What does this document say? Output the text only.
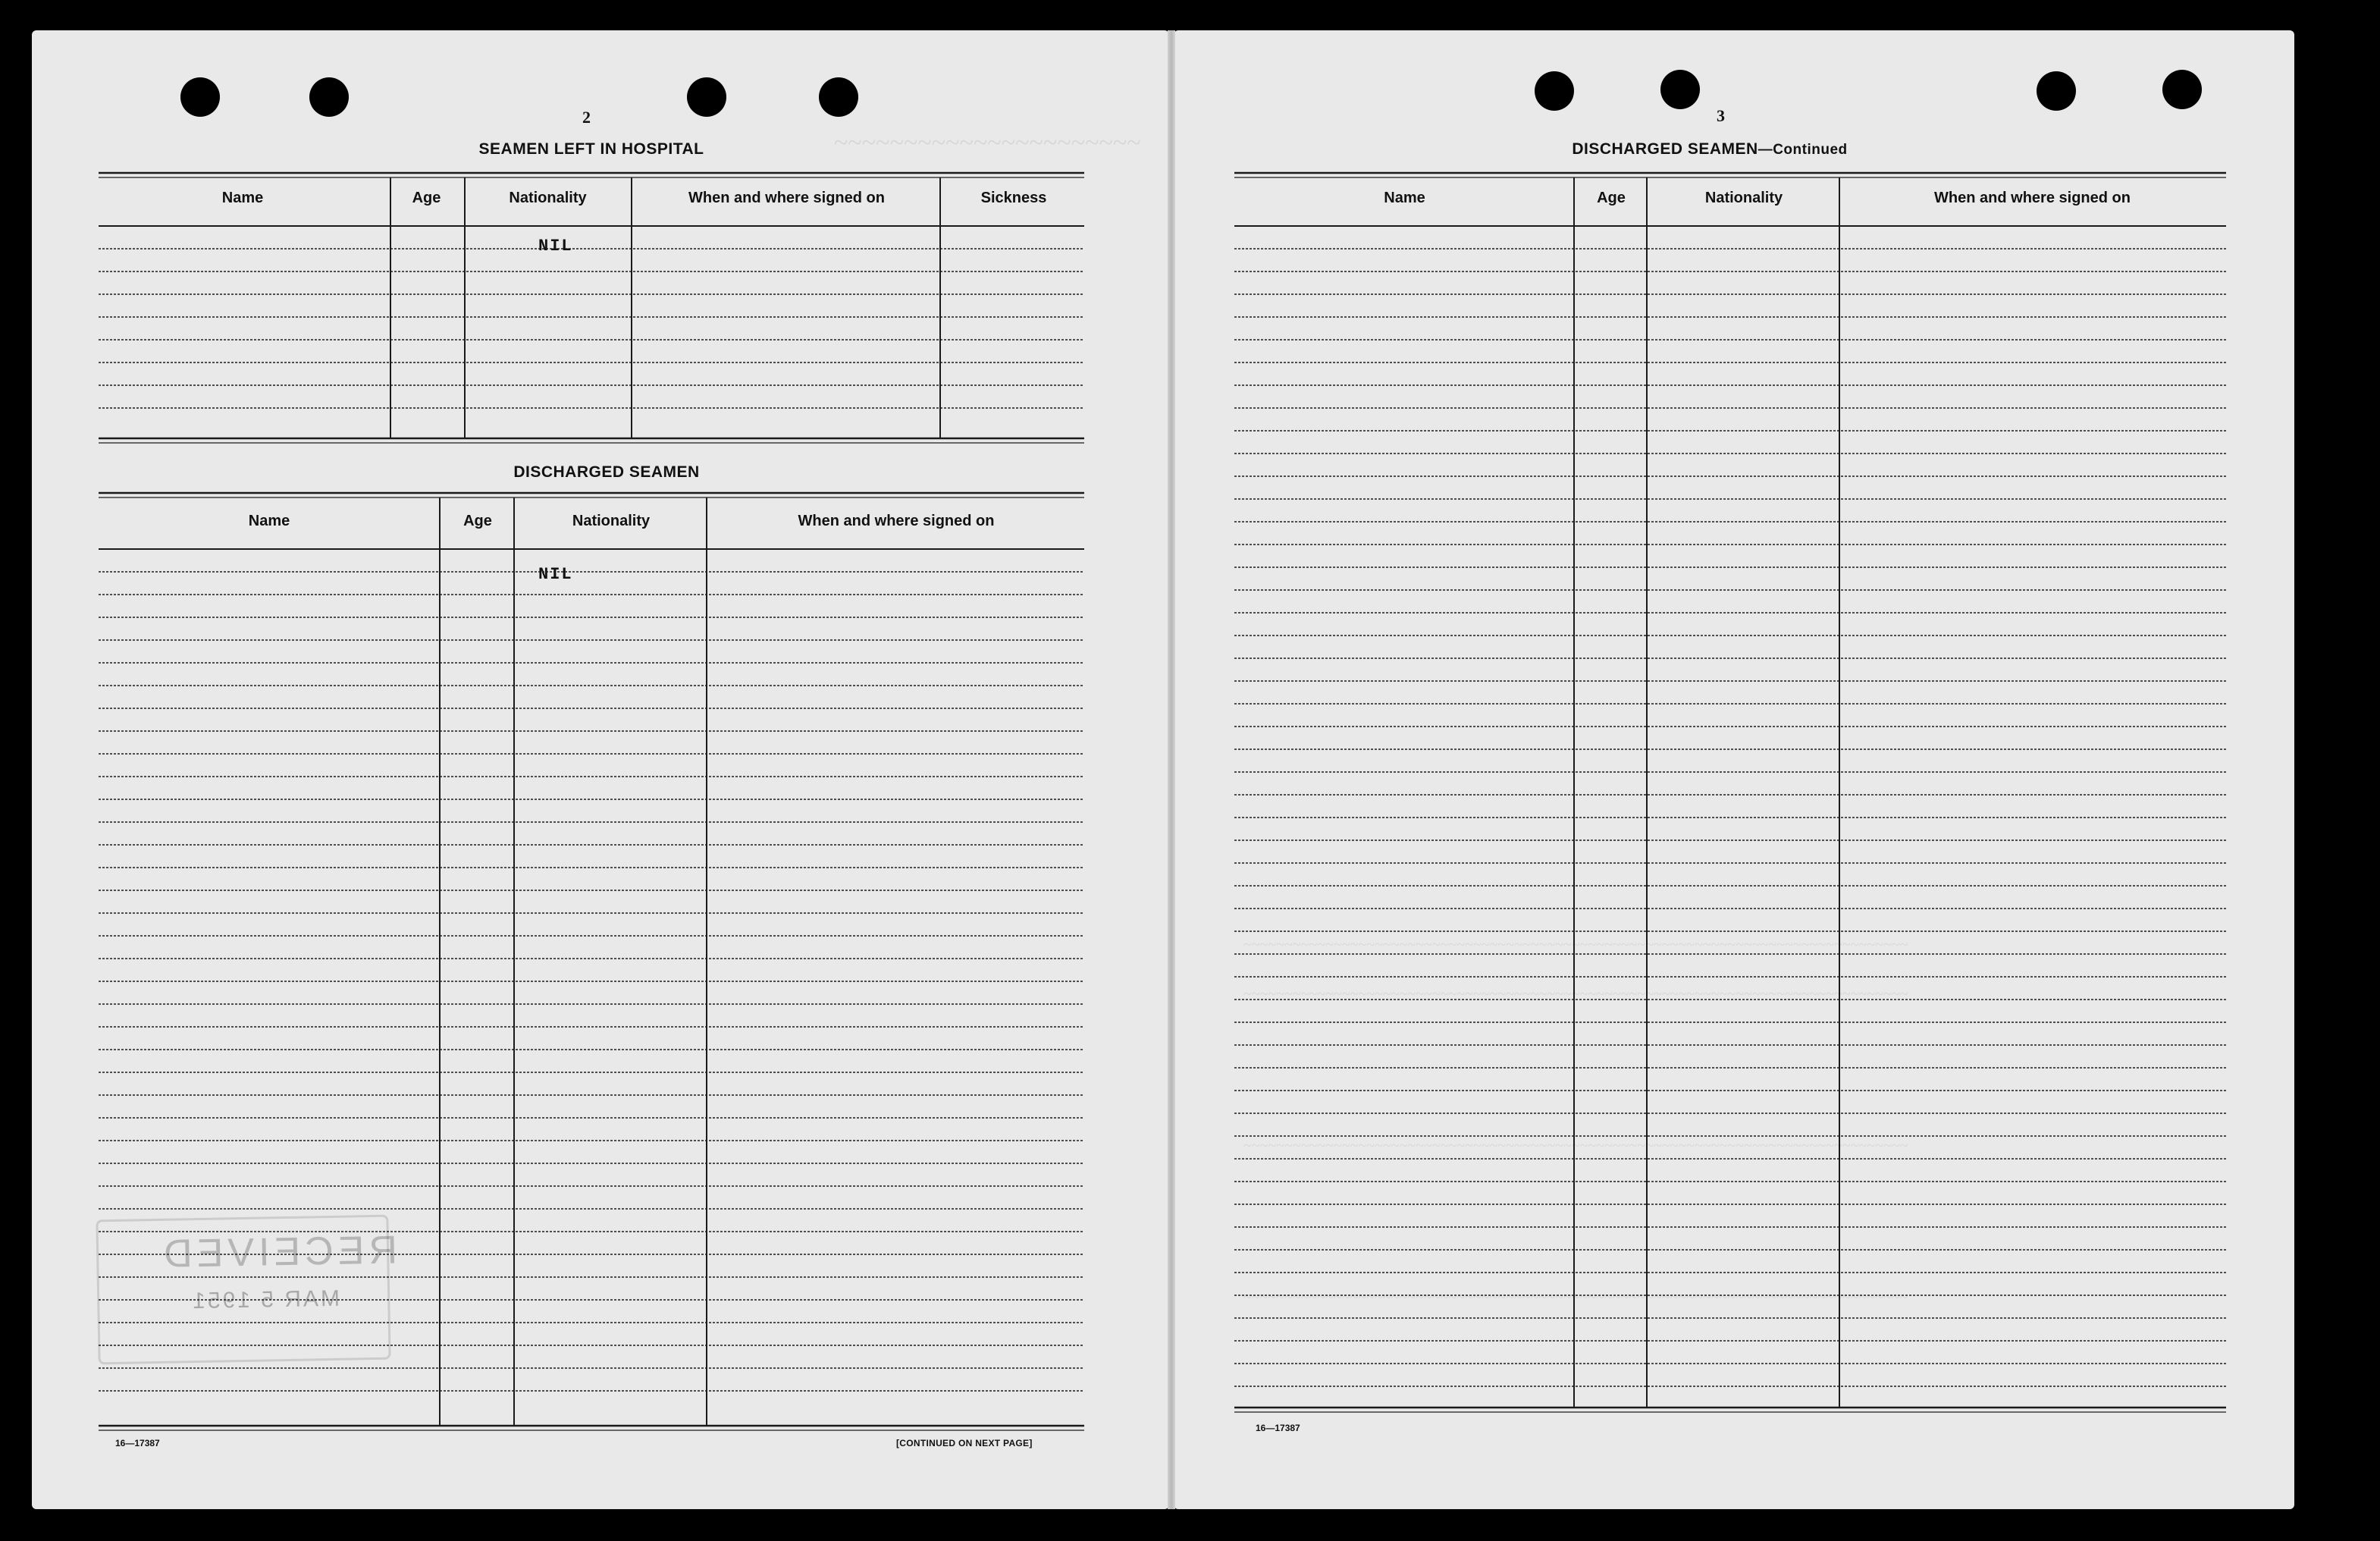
~~~~~~~~~~~~~~~~~~~~~~
~~~~~~~~~~~~~~~~~~~~~~~~~~~~~~~~~~~~~~~~~~~~~~~~~~~~~~~~~~~~~~~~~~~~~~~~~~~~~~~~~
~~~~~~~~~~~~~~~~~~~~~~~~~~~~~~~~~~~~~~~~~~~~~~~~~~~~~~~~~~~~~~~~~~~~~~~~~~~~~~~~~
~~~~~~~~~~~~~~~~~~~~~~~~~~~~~~~~~~~~~~~~~~~~~~~~~~~~~~~~~~~~~~~~~~~~~~~~~~~~~~~~~
~~~~~~~~~~~~~~~~~~~~~~~~~~~~~~~~~~~~~~~~~~~~~~~~~~~~~~~~~~~~~~~~~~~~~~~~~~~~~~~~~
2
SEAMEN LEFT IN HOSPITAL
Name	Age	Nationality	When and where signed on	Sickness
NIL
DISCHARGED SEAMEN
Name	Age	Nationality	When and where signed on
NIL
RECEIVED
MAR 5 1951
16—17387	[CONTINUED ON NEXT PAGE]
3
DISCHARGED SEAMEN—Continued
Name	Age	Nationality	When and where signed on
16—17387
